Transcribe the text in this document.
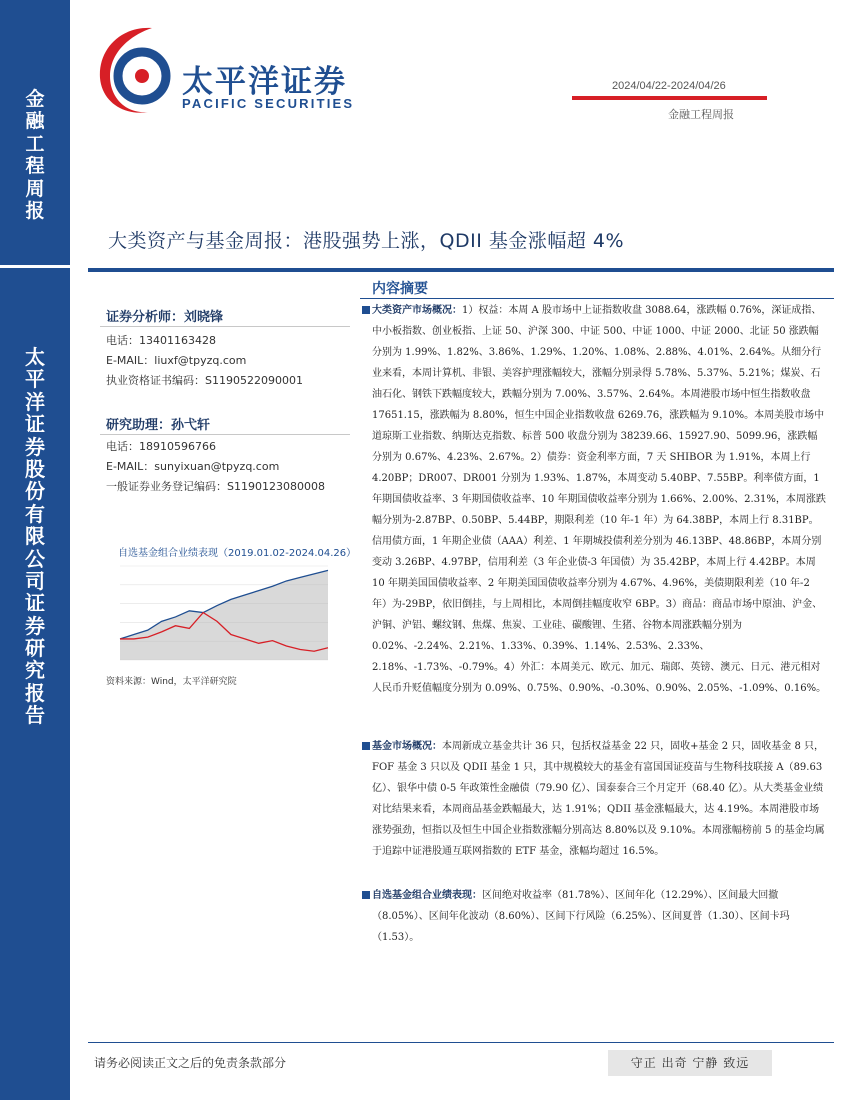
金
融
工
程
周
报
太
平
洋
证
券
股
份
有
限
公
司
证
券
研
究
报
告
太平洋证券
PACIFIC SECURITIES
2024/04/22-2024/04/26
金融工程周报
大类资产与基金周报：港股强势上涨，QDII 基金涨幅超 4%
内容摘要
证券分析师：刘晓锋
电话：13401163428
E-MAIL：liuxf@tpyzq.com
执业资格证书编码：S1190522090001
研究助理：孙弋轩
电话：18910596766
E-MAIL：sunyixuan@tpyzq.com
一般证券业务登记编码：S1190123080008
自选基金组合业绩表现（2019.01.02-2024.04.26）
资料来源：Wind，太平洋研究院
大类资产市场概况：1）权益：本周 A 股市场中上证指数收盘 3088.64，涨跌幅 0.76%，深证成指、中小板指数、创业板指、上证 50、沪深 300、中证 500、中证 1000、中证 2000、北证 50 涨跌幅分别为 1.99%、1.82%、3.86%、1.29%、1.20%、1.08%、2.88%、4.01%、2.64%。从细分行业来看，本周计算机、非银、美容护理涨幅较大，涨幅分别录得 5.78%、5.37%、5.21%；煤炭、石油石化、钢铁下跌幅度较大，跌幅分别为 7.00%、3.57%、2.64%。本周港股市场中恒生指数收盘 17651.15，涨跌幅为 8.80%，恒生中国企业指数收盘 6269.76，涨跌幅为 9.10%。本周美股市场中道琼斯工业指数、纳斯达克指数、标普 500 收盘分别为 38239.66、15927.90、5099.96，涨跌幅分别为 0.67%、4.23%、2.67%。2）债券：资金利率方面，7 天 SHIBOR 为 1.91%，本周上行 4.20BP；DR007、DR001 分别为 1.93%、1.87%，本周变动 5.40BP、7.55BP。利率债方面，1 年期国债收益率、3 年期国债收益率、10 年期国债收益率分别为 1.66%、2.00%、2.31%，本周涨跌幅分别为-2.87BP、0.50BP、5.44BP，期限利差（10 年-1 年）为 64.38BP，本周上行 8.31BP。信用债方面，1 年期企业债（AAA）利差、1 年期城投债利差分别为 46.13BP、48.86BP，本周分别变动 3.26BP、4.97BP，信用利差（3 年企业债-3 年国债）为 35.42BP，本周上行 4.42BP。本周 10 年期美国国债收益率、2 年期美国国债收益率分别为 4.67%、4.96%，美债期限利差（10 年-2 年）为-29BP，依旧倒挂，与上周相比，本周倒挂幅度收窄 6BP。3）商品：商品市场中原油、沪金、沪铜、沪铝、螺纹钢、焦煤、焦炭、工业硅、碳酸锂、生猪、谷物本周涨跌幅分别为 0.02%、-2.24%、2.21%、1.33%、0.39%、1.14%、2.53%、2.33%、2.18%、-1.73%、-0.79%。4）外汇：本周美元、欧元、加元、瑞郎、英镑、澳元、日元、港元相对人民币升贬值幅度分别为 0.09%、0.75%、0.90%、-0.30%、0.90%、2.05%、-1.09%、0.16%。
基金市场概况：本周新成立基金共计 36 只，包括权益基金 22 只，固收+基金 2 只，固收基金 8 只，FOF 基金 3 只以及 QDII 基金 1 只，其中规模较大的基金有富国国证疫苗与生物科技联接 A（89.63 亿）、银华中债 0-5 年政策性金融债（79.90 亿）、国泰泰合三个月定开（68.40 亿）。从大类基金业绩对比结果来看，本周商品基金跌幅最大，达 1.91%；QDII 基金涨幅最大，达 4.19%。本周港股市场涨势强劲，恒指以及恒生中国企业指数涨幅分别高达 8.80%以及 9.10%。本周涨幅榜前 5 的基金均属于追踪中证港股通互联网指数的 ETF 基金，涨幅均超过 16.5%。
自选基金组合业绩表现：区间绝对收益率（81.78%）、区间年化（12.29%）、区间最大回撤（8.05%）、区间年化波动（8.60%）、区间下行风险（6.25%）、区间夏普（1.30）、区间卡玛（1.53）。
请务必阅读正文之后的免责条款部分	守正 出奇 宁静 致远
